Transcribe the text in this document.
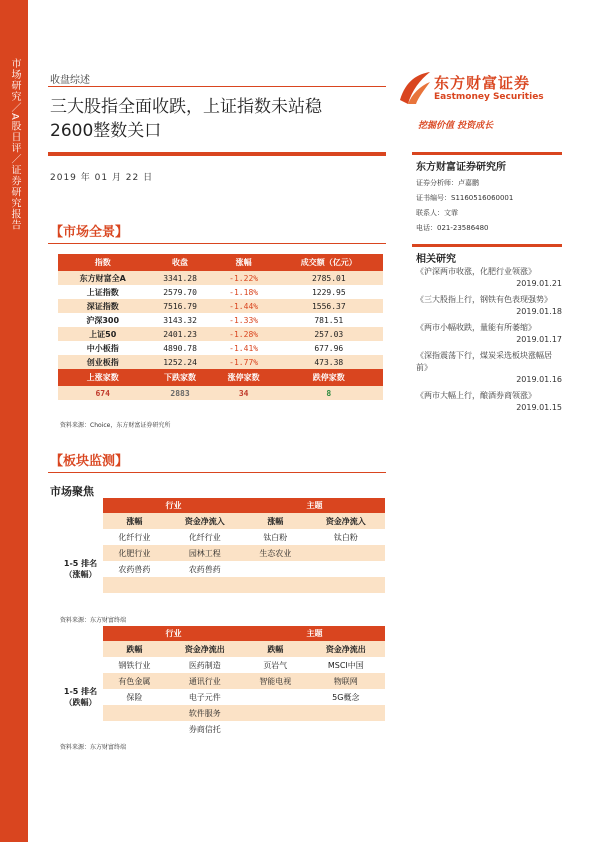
市场研究／A股日评／证券研究报告	收盘综述
三大股指全面收跌，上证指数未站稳
2600整数关口
2019 年 01 月 22 日
东方财富证券
Eastmoney Securities
挖掘价值 投资成长
东方财富证券研究所
证券分析师：卢嘉鹏
证书编号：S1160516060001
联系人：文霏
电话：021-23586480
相关研究
《沪深两市收涨，化肥行业领涨》
2019.01.21
《三大股指上行，钢铁有色表现强势》
2019.01.18
《两市小幅收跌，量能有所萎缩》
2019.01.17
《深指震荡下行，煤炭采选板块涨幅居前》
2019.01.16
《两市大幅上行，酿酒券商领涨》
2019.01.15
【市场全景】
指数	收盘	涨幅	成交额（亿元）
东方财富全A	3341.28	-1.22%	2785.01
上证指数	2579.70	-1.18%	1229.95
深证指数	7516.79	-1.44%	1556.37
沪深300	3143.32	-1.33%	781.51
上证50	2401.23	-1.28%	257.03
中小板指	4890.78	-1.41%	677.96
创业板指	1252.24	-1.77%	473.38
上涨家数	下跌家数	涨停家数	跌停家数
674	2883	34	8
资料来源：Choice，东方财富证券研究所
【板块监测】
市场聚焦
	行业		主题	
	涨幅	资金净流入	涨幅	资金净流入

1-5 排名
（涨幅）	化纤行业	化纤行业	钛白粉	钛白粉
	化肥行业	园林工程	生态农业	
	农药兽药	农药兽药		

资料来源：东方财富终端
	行业		主题	
	跌幅	资金净流出	跌幅	资金净流出

1-5 排名
（跌幅）	钢铁行业	医药制造	页岩气	MSCI中国
	有色金属	通讯行业	智能电视	物联网
	保险	电子元件		5G概念
		软件服务		
		券商信托		
资料来源：东方财富终端
